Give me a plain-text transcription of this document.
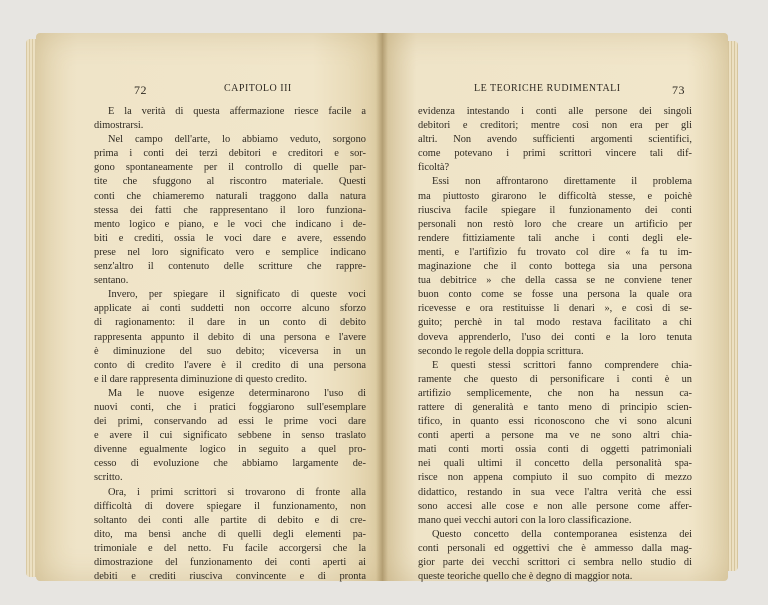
72	CAPITOLO III
E la verità di questa affermazione riesce facile a
dimostrarsi.
Nel campo dell'arte, lo abbiamo veduto, sorgono
prima i conti dei terzi debitori e creditori e sor-
gono spontaneamente per il controllo di quelle par-
tite che sfuggono al riscontro materiale. Questi
conti che chiameremo naturali traggono dalla natura
stessa dei fatti che rappresentano il loro funziona-
mento logico e piano, e le voci che indicano i de-
biti e crediti, ossia le voci dare e avere, essendo
prese nel loro significato vero e semplice indicano
senz'altro il contenuto delle scritture che rappre-
sentano.
Invero, per spiegare il significato di queste voci
applicate ai conti suddetti non occorre alcuno sforzo
di ragionamento: il dare in un conto di debito
rappresenta appunto il debito di una persona e l'avere
è diminuzione del suo debito; viceversa in un
conto di credito l'avere è il credito di una persona
e il dare rappresenta diminuzione di questo credito.
Ma le nuove esigenze determinarono l'uso di
nuovi conti, che i pratici foggiarono sull'esemplare
dei primi, conservando ad essi le prime voci dare
e avere il cui significato sebbene in senso traslato
divenne egualmente logico in seguito a quel pro-
cesso di evoluzione che abbiamo largamente de-
scritto.
Ora, i primi scrittori si trovarono di fronte alla
difficoltà di dovere spiegare il funzionamento, non
soltanto dei conti alle partite di debito e di cre-
dito, ma bensì anche di quelli degli elementi pa-
trimoniale e del netto. Fu facile accorgersi che la
dimostrazione del funzionamento dei conti aperti ai
debiti e crediti riusciva convincente e di pronta
LE TEORICHE RUDIMENTALI	73
evidenza intestando i conti alle persone dei singoli
debitori e creditori; mentre così non era per gli
altri. Non avendo sufficienti argomenti scientifici,
come potevano i primi scrittori vincere tali dif-
ficoltà?
Essi non affrontarono direttamente il problema
ma piuttosto girarono le difficoltà stesse, e poichè
riusciva facile spiegare il funzionamento dei conti
personali non restò loro che creare un artificio per
rendere fittiziamente tali anche i conti degli ele-
menti, e l'artifizio fu trovato col dire « fa tu im-
maginazione che il conto bottega sia una persona
tua debitrice » che della cassa se ne conviene tener
buon conto come se fosse una persona la quale ora
ricevesse e ora restituisse li denari », e così di se-
guito; perchè in tal modo restava facilitato a chi
doveva apprenderlo, l'uso dei conti e la loro tenuta
secondo le regole della doppia scrittura.
E questi stessi scrittori fanno comprendere chia-
ramente che questo di personificare i conti è un
artifizio semplicemente, che non ha nessun ca-
rattere di generalità e tanto meno di principio scien-
tifico, in quanto essi riconoscono che vi sono alcuni
conti aperti a persone ma ve ne sono altri chia-
mati conti morti ossia conti di oggetti patrimoniali
nei quali ultimi il concetto della personalità spa-
risce non appena compiuto il suo compito di mezzo
didattico, restando in sua vece l'altra verità che essi
sono accesi alle cose e non alle persone come affer-
mano quei vecchi autori con la loro classificazione.
Questo concetto della contemporanea esistenza dei
conti personali ed oggettivi che è ammesso dalla mag-
gior parte dei vecchi scrittori ci sembra nello studio di
queste teoriche quello che è degno di maggior nota.
